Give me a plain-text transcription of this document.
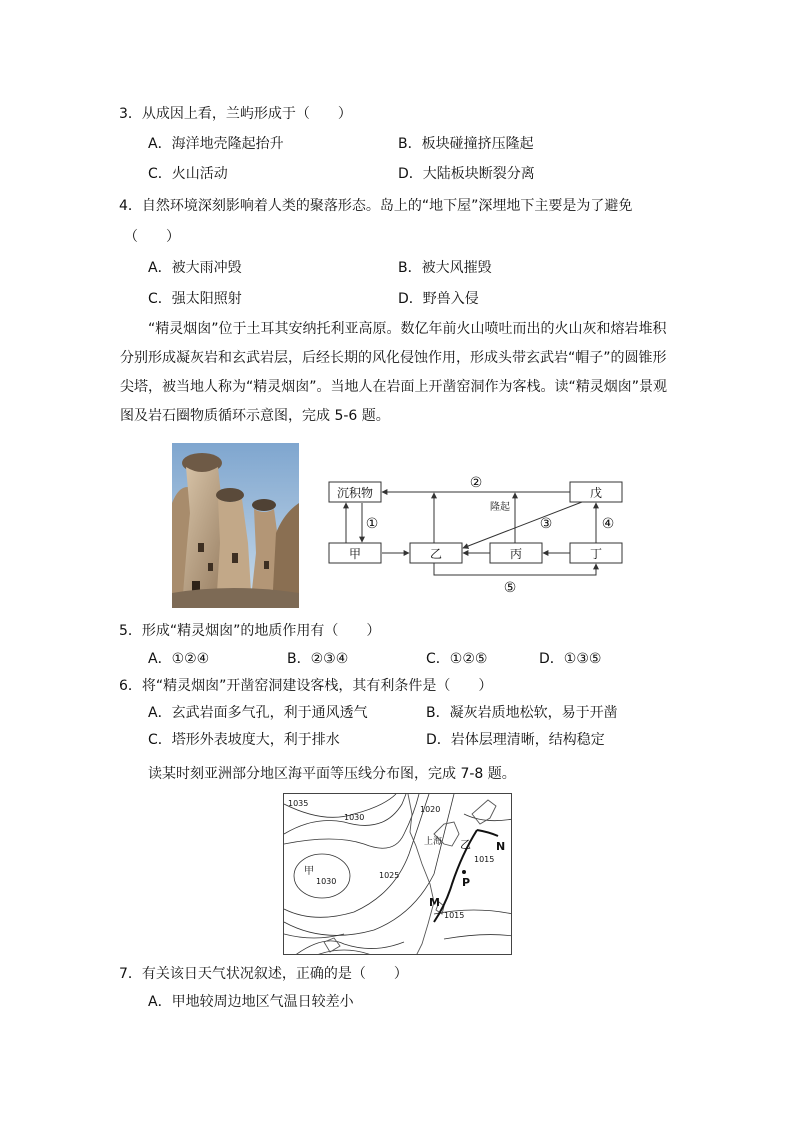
3．从成因上看，兰屿形成于（　　）
A．海洋地壳隆起抬升	B．板块碰撞挤压隆起
C．火山活动	D．大陆板块断裂分离
4．自然环境深刻影响着人类的聚落形态。岛上的“地下屋”深埋地下主要是为了避免
（　　）
A．被大雨冲毁	B．被大风摧毁
C．强太阳照射	D．野兽入侵
“精灵烟囱”位于土耳其安纳托利亚高原。数亿年前火山喷吐而出的火山灰和熔岩堆积分别形成凝灰岩和玄武岩层，后经长期的风化侵蚀作用，形成头带玄武岩“帽子”的圆锥形尖塔，被当地人称为“精灵烟囱”。当地人在岩面上开凿窑洞作为客栈。读“精灵烟囱”景观图及岩石圈物质循环示意图，完成 5-6 题。
沉积物	戊
甲	乙	丙	丁
②
①
隆起
③	④
⑤
5．形成“精灵烟囱”的地质作用有（　　）
A．①②④	B．②③④	C．①②⑤	D．①③⑤
6．将“精灵烟囱”开凿窑洞建设客栈，其有利条件是（　　）
A．玄武岩面多气孔，利于通风透气	B．凝灰岩质地松软，易于开凿
C．塔形外表坡度大，利于排水	D．岩体层理清晰，结构稳定
读某时刻亚洲部分地区海平面等压线分布图，完成 7-8 题。
1035
1030
1020
上海 乙 N
1015
甲
1030
1025
P
M
1015
7．有关该日天气状况叙述，正确的是（　　）
A．甲地较周边地区气温日较差小
